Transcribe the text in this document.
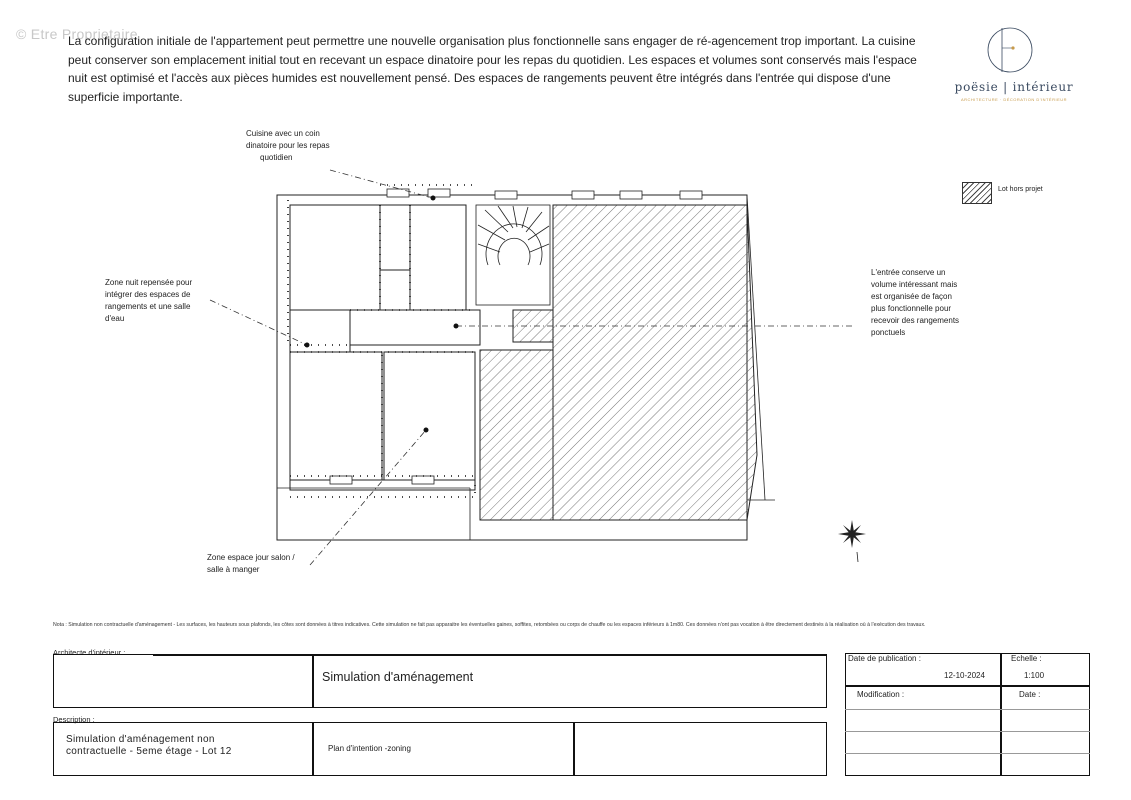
© Etre Proprietaire
La configuration initiale de l'appartement peut permettre une nouvelle organisation plus fonctionnelle sans engager de ré-agencement trop important. La cuisine peut conserver son emplacement initial tout en recevant un espace dinatoire pour les repas du quotidien. Les espaces et volumes sont conservés mais l'espace nuit est optimisé et l'accès aux pièces humides est nouvellement pensé. Des espaces de rangements peuvent être intégrés dans l'entrée qui dispose d'une superficie importante.
poësie | intérieur
ARCHITECTURE · DÉCORATION D'INTÉRIEUR
Lot hors projet
Cuisine avec un coin
dinatoire pour les repas
quotidien
Zone nuit repensée pour
intégrer des espaces de
rangements et une salle
d'eau
L'entrée conserve un
volume intéressant mais
est organisée de façon
plus fonctionnelle pour
recevoir des rangements
ponctuels
Zone espace jour salon /
salle à manger
Nota : Simulation non contractuelle d'aménagement - Les surfaces, les hauteurs sous plafonds, les côtes sont données à titres indicatives. Cette simulation ne fait pas apparaitre les éventuelles gaines, soffites, retombées ou corps de chauffe ou les espaces inférieurs à 1m80. Ces données n'ont pas vocation à être directement destinés à la réalisation où à l'exécution des travaux.
Architecte d'intérieur :
Simulation d'aménagement
Description :
Simulation d'aménagement non
contractuelle - 5eme étage - Lot 12	Plan d'intention -zoning
Date de publication :
12-10-2024
Echelle :
1:100
Modification :	Date :
